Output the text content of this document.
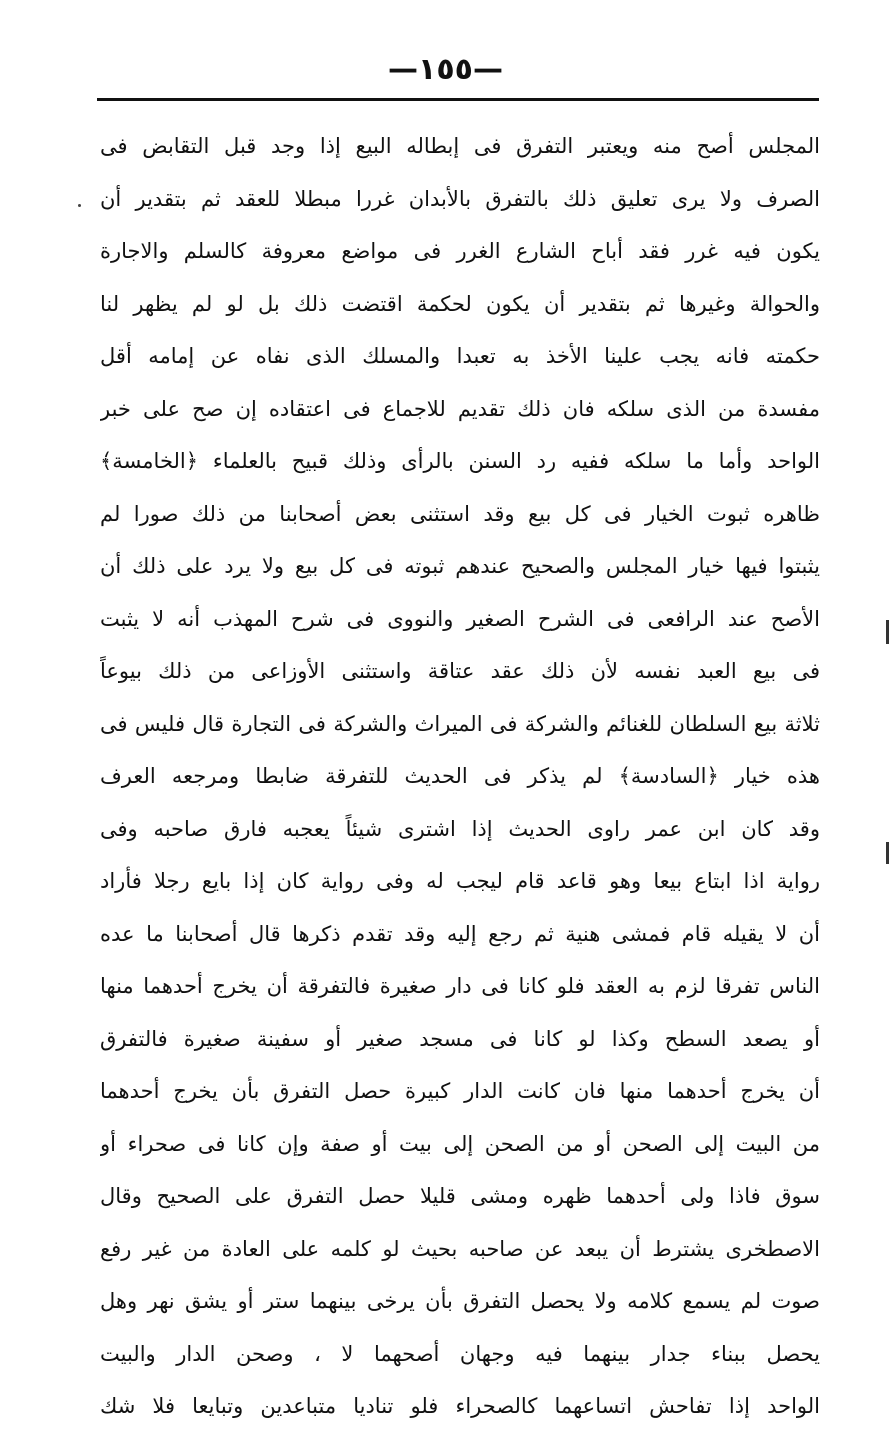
—١٥٥—
المجلس أصح منه ويعتبر التفرق فى إبطاله البيع إذا وجد قبل التقابض فى
الصرف ولا يرى تعليق ذلك بالتفرق بالأبدان غررا مبطلا للعقد ثم بتقدير أن
يكون فيه غرر فقد أباح الشارع الغرر فى مواضع معروفة كالسلم والاجارة
والحوالة وغيرها ثم بتقدير أن يكون لحكمة اقتضت ذلك بل لو لم يظهر لنا
حكمته فانه يجب علينا الأخذ به تعبدا والمسلك الذى نفاه عن إمامه أقل
مفسدة من الذى سلكه فان ذلك تقديم للاجماع فى اعتقاده إن صح على خبر
الواحد وأما ما سلكه ففيه رد السنن بالرأى وذلك قبيح بالعلماء ﴿الخامسة﴾
ظاهره ثبوت الخيار فى كل بيع وقد استثنى بعض أصحابنا من ذلك صورا لم
يثبتوا فيها خيار المجلس والصحيح عندهم ثبوته فى كل بيع ولا يرد على ذلك أن
الأصح عند الرافعى فى الشرح الصغير والنووى فى شرح المهذب أنه لا يثبت
فى بيع العبد نفسه لأن ذلك عقد عتاقة واستثنى الأوزاعى من ذلك بيوعاً
ثلاثة بيع السلطان للغنائم والشركة فى الميراث والشركة فى التجارة قال فليس فى
هذه خيار ﴿السادسة﴾ لم يذكر فى الحديث للتفرقة ضابطا ومرجعه العرف
وقد كان ابن عمر راوى الحديث إذا اشترى شيئاً يعجبه فارق صاحبه وفى
رواية اذا ابتاع بيعا وهو قاعد قام ليجب له وفى رواية كان إذا بايع رجلا فأراد
أن لا يقيله قام فمشى هنية ثم رجع إليه وقد تقدم ذكرها قال أصحابنا ما عده
الناس تفرقا لزم به العقد فلو كانا فى دار صغيرة فالتفرقة أن يخرج أحدهما منها
أو يصعد السطح وكذا لو كانا فى مسجد صغير أو سفينة صغيرة فالتفرق
أن يخرج أحدهما منها فان كانت الدار كبيرة حصل التفرق بأن يخرج أحدهما
من البيت إلى الصحن أو من الصحن إلى بيت أو صفة وإن كانا فى صحراء أو
سوق فاذا ولى أحدهما ظهره ومشى قليلا حصل التفرق على الصحيح وقال
الاصطخرى يشترط أن يبعد عن صاحبه بحيث لو كلمه على العادة من غير رفع
صوت لم يسمع كلامه ولا يحصل التفرق بأن يرخى بينهما ستر أو يشق نهر وهل
يحصل ببناء جدار بينهما فيه وجهان أصحهما لا ، وصحن الدار والبيت
الواحد إذا تفاحش اتساعهما كالصحراء فلو تناديا متباعدين وتبايعا فلا شك
